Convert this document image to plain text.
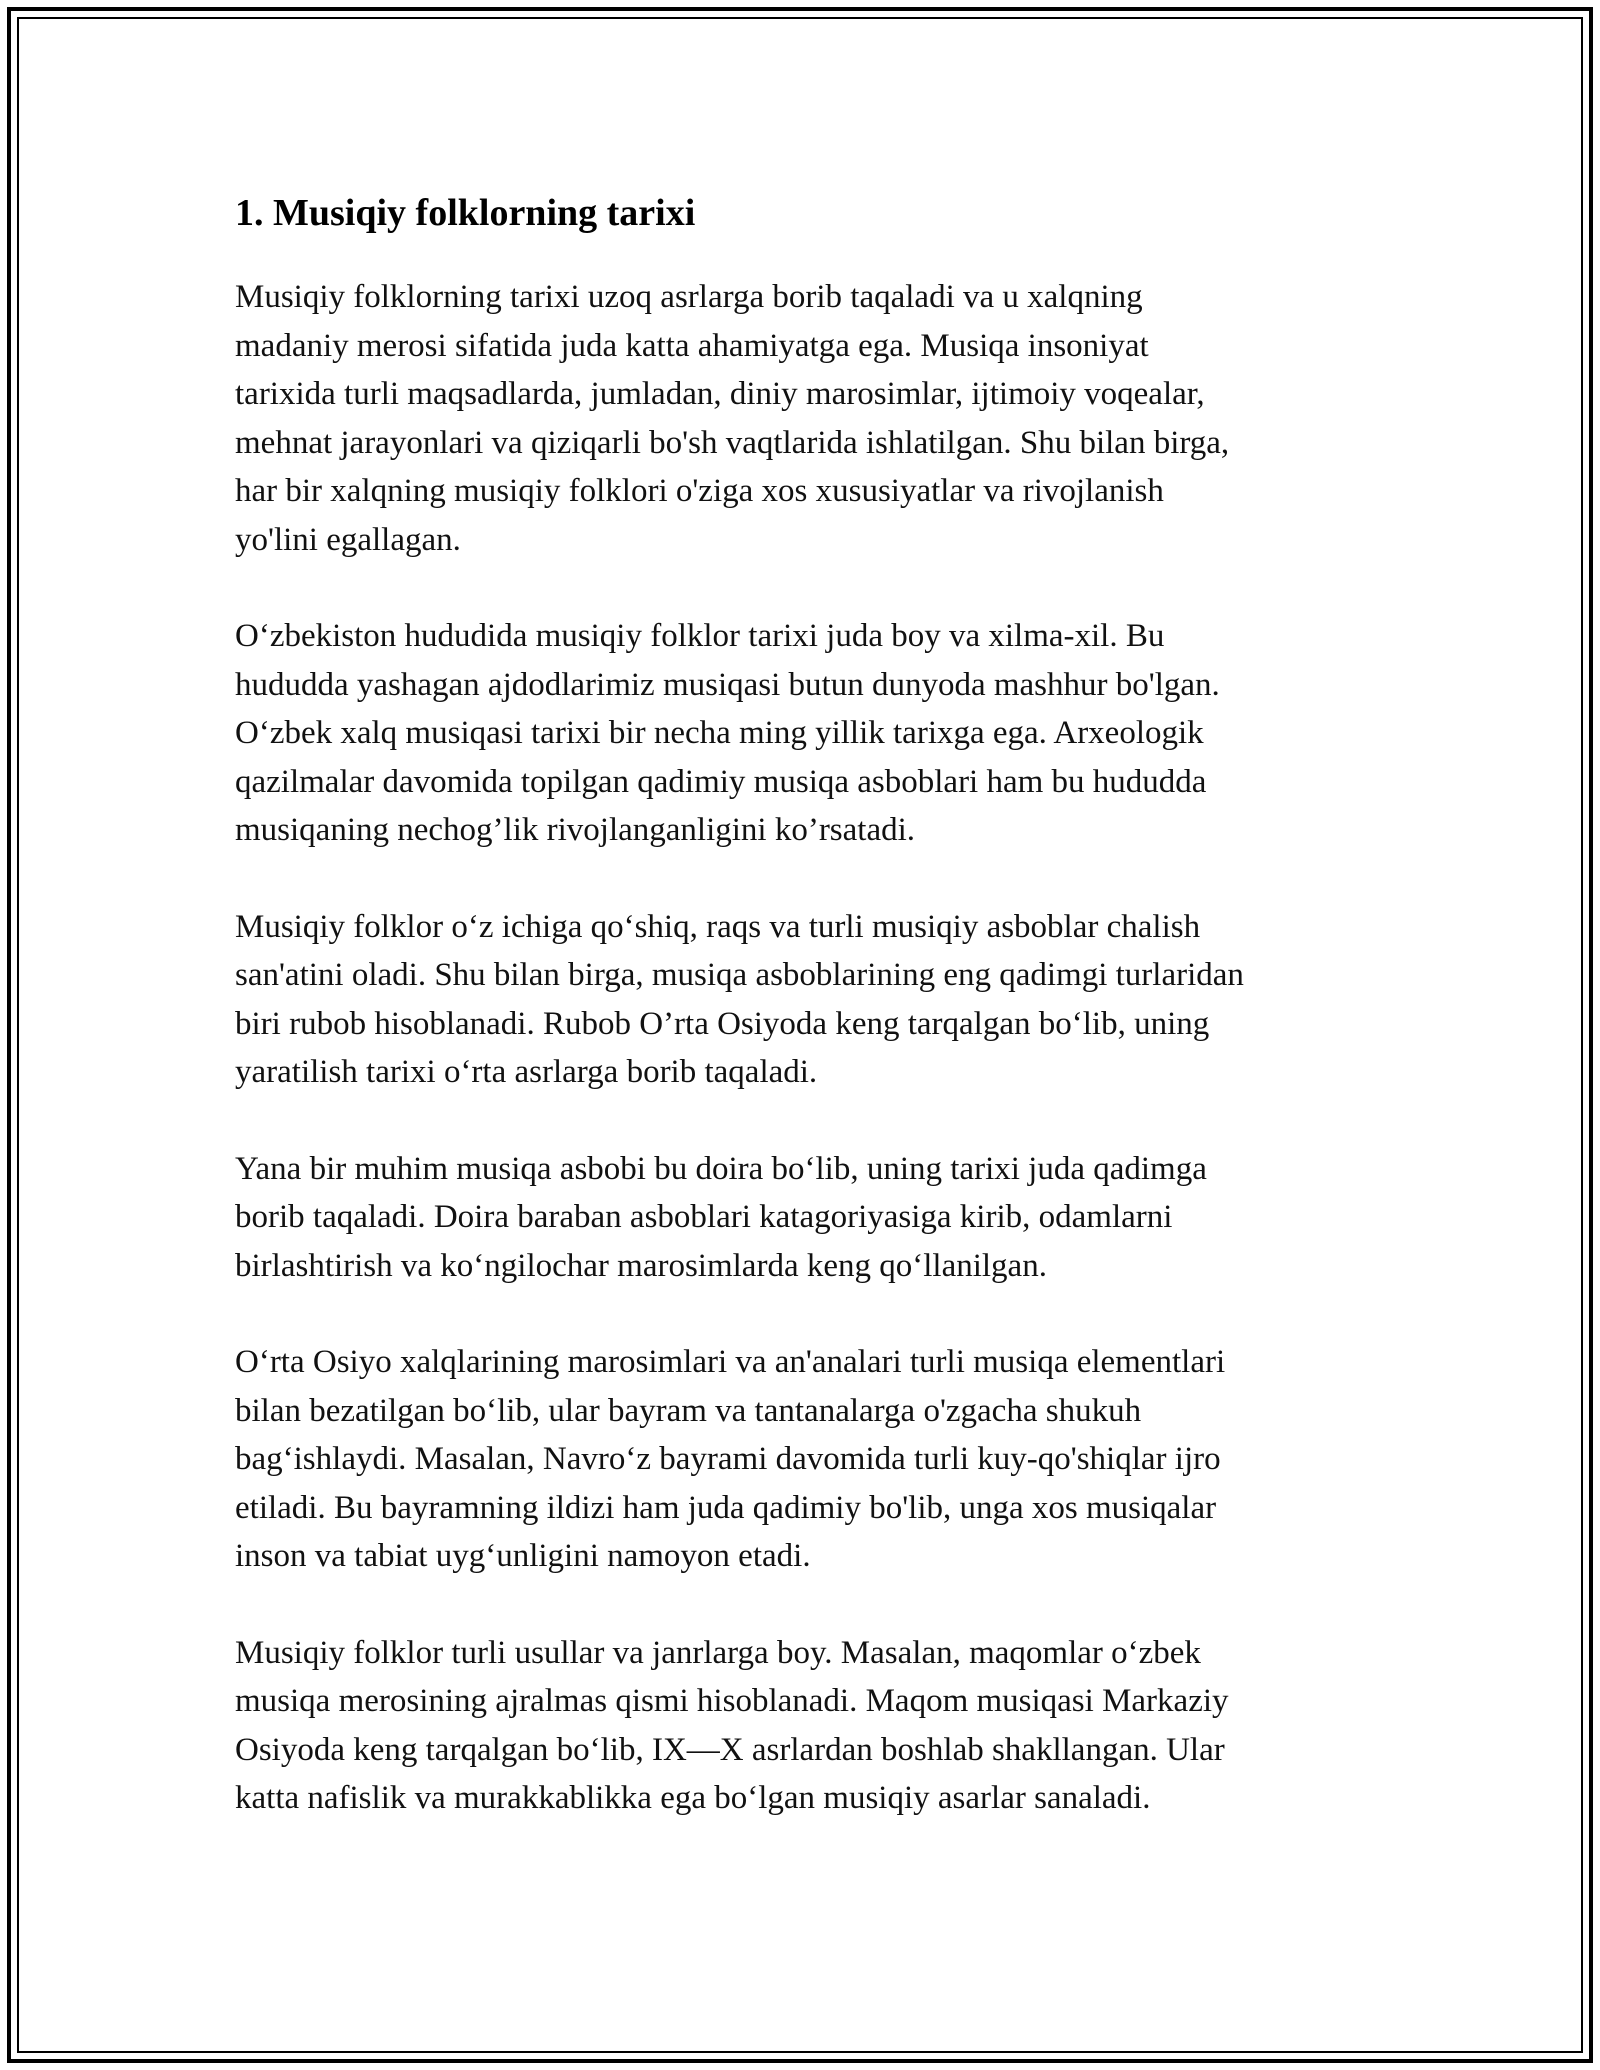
1. Musiqiy folklorning tarixi

Musiqiy folklorning tarixi uzoq asrlarga borib taqaladi va u xalqning
madaniy merosi sifatida juda katta ahamiyatga ega. Musiqa insoniyat
tarixida turli maqsadlarda, jumladan, diniy marosimlar, ijtimoiy voqealar,
mehnat jarayonlari va qiziqarli bo'sh vaqtlarida ishlatilgan. Shu bilan birga,
har bir xalqning musiqiy folklori o'ziga xos xususiyatlar va rivojlanish
yo'lini egallagan.

O‘zbekiston hududida musiqiy folklor tarixi juda boy va xilma-xil. Bu
hududda yashagan ajdodlarimiz musiqasi butun dunyoda mashhur bo'lgan.
O‘zbek xalq musiqasi tarixi bir necha ming yillik tarixga ega. Arxeologik
qazilmalar davomida topilgan qadimiy musiqa asboblari ham bu hududda
musiqaning nechog’lik rivojlanganligini ko’rsatadi.

Musiqiy folklor o‘z ichiga qo‘shiq, raqs va turli musiqiy asboblar chalish
san'atini oladi. Shu bilan birga, musiqa asboblarining eng qadimgi turlaridan
biri rubob hisoblanadi. Rubob O’rta Osiyoda keng tarqalgan bo‘lib, uning
yaratilish tarixi o‘rta asrlarga borib taqaladi.

Yana bir muhim musiqa asbobi bu doira bo‘lib, uning tarixi juda qadimga
borib taqaladi. Doira baraban asboblari katagoriyasiga kirib, odamlarni
birlashtirish va ko‘ngilochar marosimlarda keng qo‘llanilgan.

O‘rta Osiyo xalqlarining marosimlari va an'analari turli musiqa elementlari
bilan bezatilgan bo‘lib, ular bayram va tantanalarga o'zgacha shukuh
bag‘ishlaydi. Masalan, Navro‘z bayrami davomida turli kuy-qo'shiqlar ijro
etiladi. Bu bayramning ildizi ham juda qadimiy bo'lib, unga xos musiqalar
inson va tabiat uyg‘unligini namoyon etadi.

Musiqiy folklor turli usullar va janrlarga boy. Masalan, maqomlar o‘zbek
musiqa merosining ajralmas qismi hisoblanadi. Maqom musiqasi Markaziy
Osiyoda keng tarqalgan bo‘lib, IX—X asrlardan boshlab shakllangan. Ular
katta nafislik va murakkablikka ega bo‘lgan musiqiy asarlar sanaladi.
